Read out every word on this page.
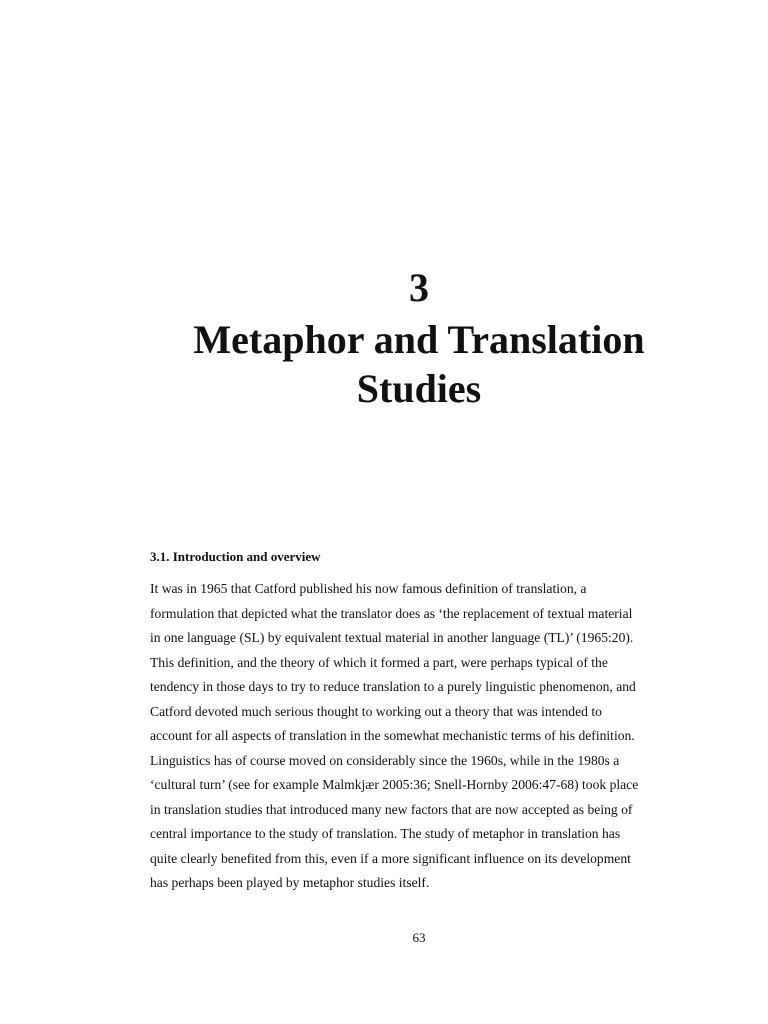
3
Metaphor and Translation
Studies
3.1. Introduction and overview

It was in 1965 that Catford published his now famous definition of translation, a
formulation that depicted what the translator does as ‘the replacement of textual material
in one language (SL) by equivalent textual material in another language (TL)’ (1965:20).
This definition, and the theory of which it formed a part, were perhaps typical of the
tendency in those days to try to reduce translation to a purely linguistic phenomenon, and
Catford devoted much serious thought to working out a theory that was intended to
account for all aspects of translation in the somewhat mechanistic terms of his definition.
Linguistics has of course moved on considerably since the 1960s, while in the 1980s a
‘cultural turn’ (see for example Malmkjær 2005:36; Snell-Hornby 2006:47-68) took place
in translation studies that introduced many new factors that are now accepted as being of
central importance to the study of translation. The study of metaphor in translation has
quite clearly benefited from this, even if a more significant influence on its development
has perhaps been played by metaphor studies itself.

63
